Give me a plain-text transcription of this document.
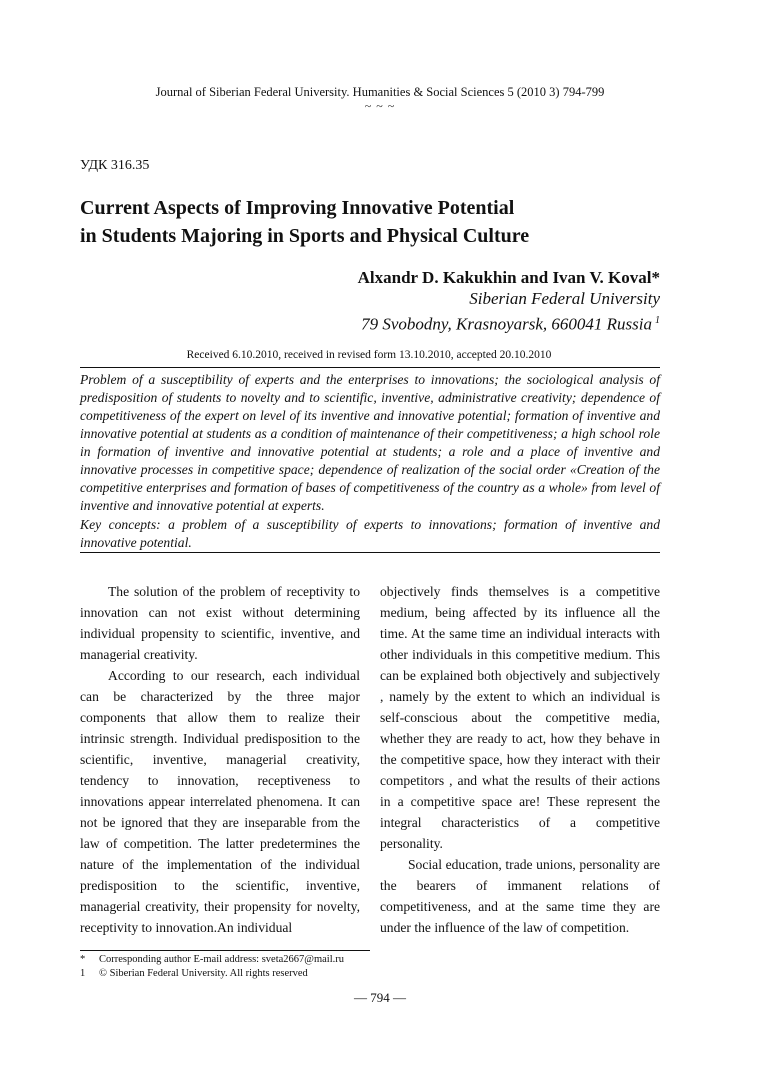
Journal of Siberian Federal University. Humanities & Social Sciences 5 (2010 3) 794-799
~ ~ ~
УДК 316.35
Current Aspects of Improving Innovative Potential
in Students Majoring in Sports and Physical Culture
Alxandr D. Kakukhin and Ivan V. Koval*
Siberian Federal University
79 Svobodny, Krasnoyarsk, 660041 Russia $^1$
Received 6.10.2010, received in revised form 13.10.2010, accepted 20.10.2010

Problem of a susceptibility of experts and the enterprises to innovations; the sociological analysis of predisposition of students to novelty and to scientific, inventive, administrative creativity; dependence of competitiveness of the expert on level of its inventive and innovative potential; formation of inventive and innovative potential at students as a condition of maintenance of their competitiveness; a high school role in formation of inventive and innovative potential at students; a role and a place of inventive and innovative processes in competitive space; dependence of realization of the social order «Creation of the competitive enterprises and formation of bases of competitiveness of the country as a whole» from level of inventive and innovative potential at experts.

Key concepts: a problem of a susceptibility of experts to innovations; formation of inventive and innovative potential.

The solution of the problem of receptivity to innovation can not exist without determining individual propensity to scientific, inventive, and managerial creativity.

According to our research, each individual can be characterized by the three major components that allow them to realize their intrinsic strength. Individual predisposition to the scientific, inventive, managerial creativity, tendency to innovation, receptiveness to innovations appear interrelated phenomena. It can not be ignored that they are inseparable from the law of competition. The latter predetermines the nature of the implementation of the individual predisposition to the scientific, inventive, managerial creativity, their propensity for novelty, receptivity to innovation.An individual

objectively finds themselves is a competitive medium, being affected by its influence all the time. At the same time an individual interacts with other individuals in this competitive medium. This can be explained both objectively and subjectively , namely by the extent to which an individual is self-conscious about the competitive media, whether they are ready to act, how they behave in the competitive space, how they interact with their competitors , and what the results of their actions in a competitive space are! These represent the integral characteristics of a competitive personality.

Social education, trade unions, personality are the bearers of immanent relations of competitiveness, and at the same time they are under the influence of the law of competition.

* Corresponding author E-mail address: sveta2667@mail.ru
1 © Siberian Federal University. All rights reserved
— 794 —
